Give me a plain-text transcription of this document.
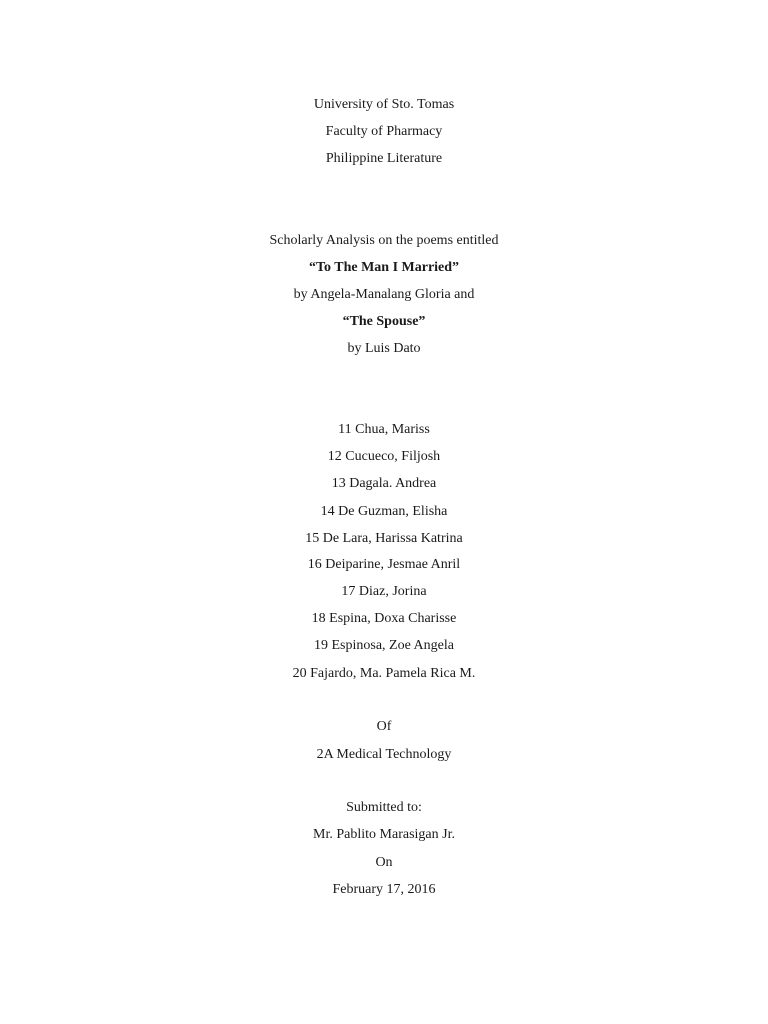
University of Sto. Tomas
Faculty of Pharmacy
Philippine Literature
Scholarly Analysis on the poems entitled
“To The Man I Married”
by Angela-Manalang Gloria and
“The Spouse”
by Luis Dato
11 Chua, Mariss
12 Cucueco, Filjosh
13 Dagala. Andrea
14 De Guzman, Elisha
15 De Lara, Harissa Katrina
16 Deiparine, Jesmae Anril
17 Diaz, Jorina
18 Espina, Doxa Charisse
19 Espinosa, Zoe Angela
20 Fajardo, Ma. Pamela Rica M.
Of
2A Medical Technology
Submitted to:
Mr. Pablito Marasigan Jr.
On
February 17, 2016
